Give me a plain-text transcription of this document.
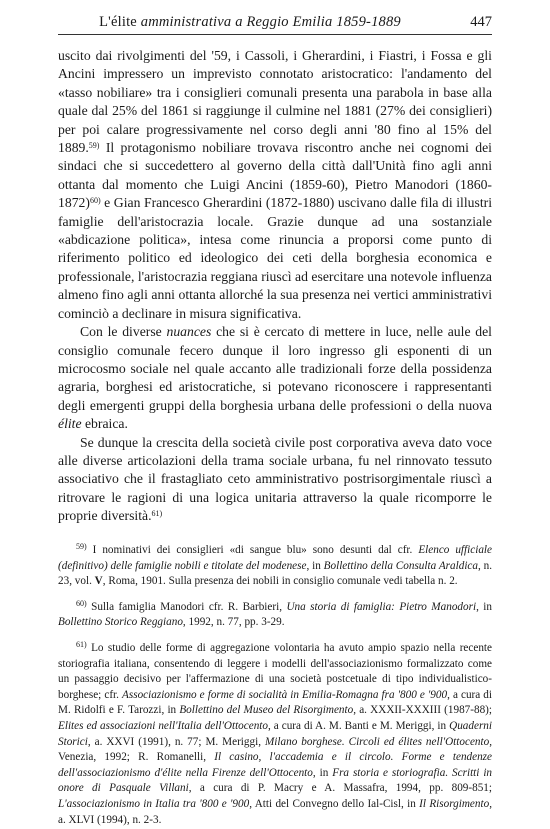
L'élite amministrativa a Reggio Emilia 1859-1889	447

uscito dai rivolgimenti del '59, i Cassoli, i Gherardini, i Fiastri, i Fossa e gli Ancini impressero un imprevisto connotato aristocratico: l'andamento del «tasso nobiliare» tra i consiglieri comunali presenta una parabola in base alla quale dal 25% del 1861 si raggiunge il culmine nel 1881 (27% dei consiglieri) per poi calare progressivamente nel corso degli anni '80 fino al 15% del 1889.$^{59)}$ Il protagonismo nobiliare trovava riscontro anche nei cognomi dei sindaci che si succedettero al governo della città dall'Unità fino agli anni ottanta dal momento che Luigi Ancini (1859-60), Pietro Manodori (1860-1872)$^{60)}$ e Gian Francesco Gherardini (1872-1880) uscivano dalle fila di illustri famiglie dell'aristocrazia locale. Grazie dunque ad una sostanziale «abdicazione politica», intesa come rinuncia a proporsi come punto di riferimento politico ed ideologico dei ceti della borghesia economica e professionale, l'aristocrazia reggiana riuscì ad esercitare una notevole influenza almeno fino agli anni ottanta allorché la sua presenza nei vertici amministrativi cominciò a declinare in misura significativa.

Con le diverse nuances che si è cercato di mettere in luce, nelle aule del consiglio comunale fecero dunque il loro ingresso gli esponenti di un microcosmo sociale nel quale accanto alle tradizionali forze della possidenza agraria, borghesi ed aristocratiche, si potevano riconoscere i rappresentanti degli emergenti gruppi della borghesia urbana delle professioni o della nuova élite ebraica.

Se dunque la crescita della società civile post corporativa aveva dato voce alle diverse articolazioni della trama sociale urbana, fu nel rinnovato tessuto associativo che il frastagliato ceto amministrativo postrisorgimentale riuscì a ritrovare le ragioni di una logica unitaria attraverso la quale ricomporre le proprie diversità.$^{61)}$

$^{59)}$ I nominativi dei consiglieri «di sangue blu» sono desunti dal cfr. Elenco ufficiale (definitivo) delle famiglie nobili e titolate del modenese, in Bollettino della Consulta Araldica, n. 23, vol. V, Roma, 1901. Sulla presenza dei nobili in consiglio comunale vedi tabella n. 2.

$^{60)}$ Sulla famiglia Manodori cfr. R. Barbieri, Una storia di famiglia: Pietro Manodori, in Bollettino Storico Reggiano, 1992, n. 77, pp. 3-29.

$^{61)}$ Lo studio delle forme di aggregazione volontaria ha avuto ampio spazio nella recente storiografia italiana, consentendo di leggere i modelli dell'associazionismo formalizzato come un passaggio decisivo per l'affermazione di una società postcetuale di tipo individualistico-borghese; cfr. Associazionismo e forme di socialità in Emilia-Romagna fra '800 e '900, a cura di M. Ridolfi e F. Tarozzi, in Bollettino del Museo del Risorgimento, a. XXXII-XXXIII (1987-88); Elites ed associazioni nell'Italia dell'Ottocento, a cura di A. M. Banti e M. Meriggi, in Quaderni Storici, a. XXVI (1991), n. 77; M. Meriggi, Milano borghese. Circoli ed élites nell'Ottocento, Venezia, 1992; R. Romanelli, Il casino, l'accademia e il circolo. Forme e tendenze dell'associazionismo d'élite nella Firenze dell'Ottocento, in Fra storia e storiografia. Scritti in onore di Pasquale Villani, a cura di P. Macry e A. Massafra, 1994, pp. 809-851; L'associazionismo in Italia tra '800 e '900, Atti del Convegno dello Ial-Cisl, in Il Risorgimento, a. XLVI (1994), n. 2-3.
